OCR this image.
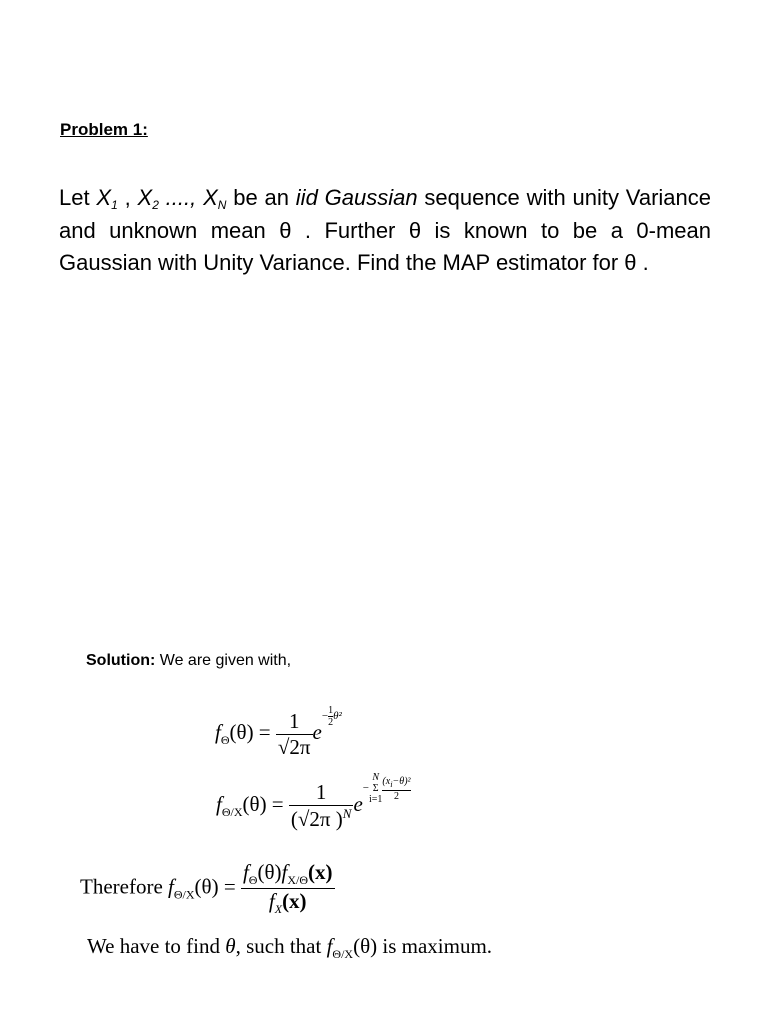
Problem 1:
Let $X_1$ , $X_2$ ...., $X_N$ be an iid Gaussian sequence with unity Variance and unknown mean θ . Further θ is known to be a 0-mean Gaussian with Unity Variance. Find the MAP estimator for θ .
Solution: We are given with,
$f_\Theta(\theta) = \frac{1}{√2\pi} e- \frac{1}{2} \theta^2$
$f_{\Theta/X}(\theta) = \frac{1}{(√2\pi )^N} e-$
N
Σ
$i=1 \frac{(x_i-\theta)^2}{2}$
Therefore $f_{\Theta/X}(\theta) = \frac{f_\Theta(\theta)f_{X/\Theta}(x)}{f_X(x)}$
We have to find θ, such that $f_{\Theta/X}(\theta)$ is maximum.
